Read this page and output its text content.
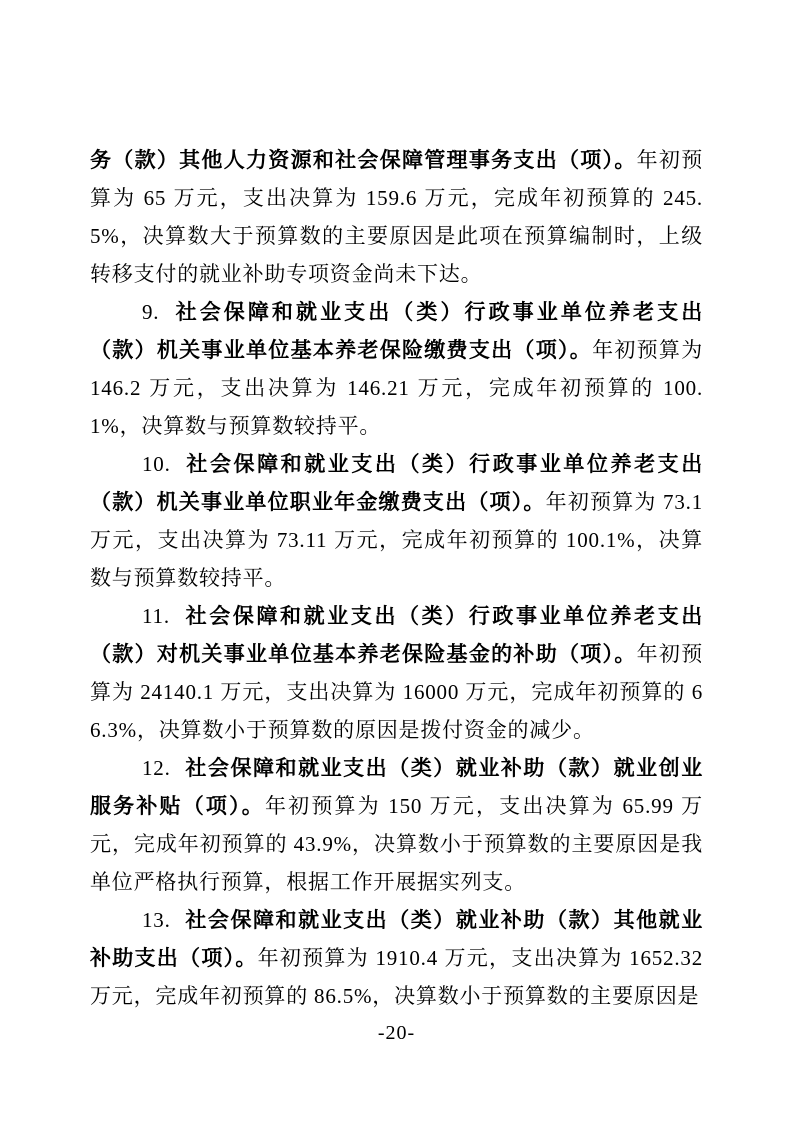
务（款）其他人力资源和社会保障管理事务支出（项）。年初预算为 65 万元，支出决算为 159.6 万元，完成年初预算的 245.5%，决算数大于预算数的主要原因是此项在预算编制时，上级转移支付的就业补助专项资金尚未下达。

9. 社会保障和就业支出（类）行政事业单位养老支出（款）机关事业单位基本养老保险缴费支出（项）。年初预算为 146.2 万元，支出决算为 146.21 万元，完成年初预算的 100.1%，决算数与预算数较持平。

10. 社会保障和就业支出（类）行政事业单位养老支出（款）机关事业单位职业年金缴费支出（项）。年初预算为 73.1 万元，支出决算为 73.11 万元，完成年初预算的 100.1%，决算数与预算数较持平。

11. 社会保障和就业支出（类）行政事业单位养老支出（款）对机关事业单位基本养老保险基金的补助（项）。年初预算为 24140.1 万元，支出决算为 16000 万元，完成年初预算的 66.3%，决算数小于预算数的原因是拨付资金的减少。

12. 社会保障和就业支出（类）就业补助（款）就业创业服务补贴（项）。年初预算为 150 万元，支出决算为 65.99 万元，完成年初预算的 43.9%，决算数小于预算数的主要原因是我单位严格执行预算，根据工作开展据实列支。

13. 社会保障和就业支出（类）就业补助（款）其他就业补助支出（项）。年初预算为 1910.4 万元，支出决算为 1652.32 万元，完成年初预算的 86.5%，决算数小于预算数的主要原因是

-20-
